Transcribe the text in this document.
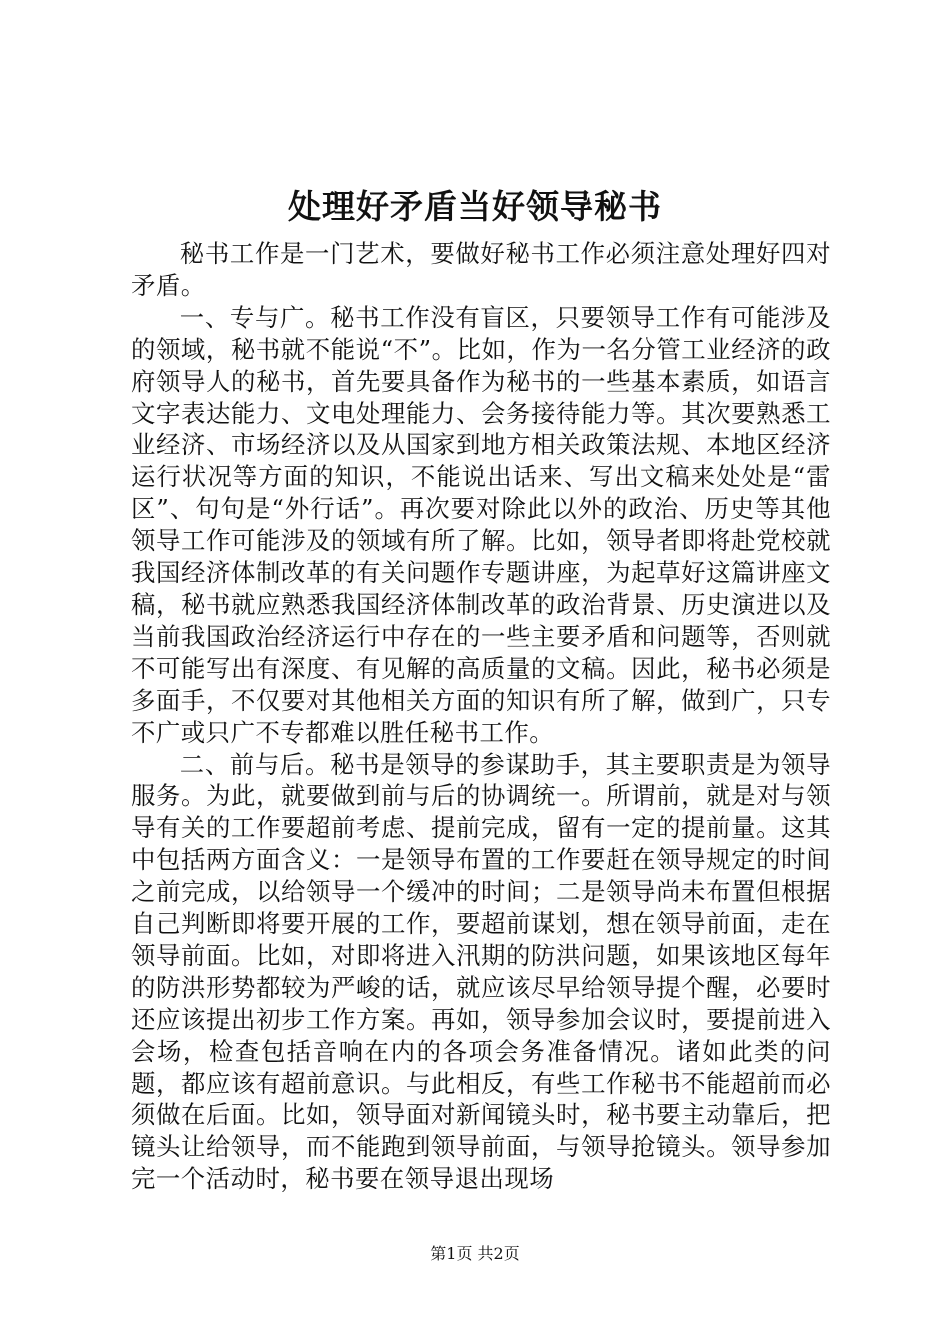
处理好矛盾当好领导秘书

秘书工作是一门艺术，要做好秘书工作必须注意处理好四对矛盾。

一、专与广。秘书工作没有盲区，只要领导工作有可能涉及的领域，秘书就不能说“不”。比如，作为一名分管工业经济的政府领导人的秘书，首先要具备作为秘书的一些基本素质，如语言文字表达能力、文电处理能力、会务接待能力等。其次要熟悉工业经济、市场经济以及从国家到地方相关政策法规、本地区经济运行状况等方面的知识，不能说出话来、写出文稿来处处是“雷区”、句句是“外行话”。再次要对除此以外的政治、历史等其他领导工作可能涉及的领域有所了解。比如，领导者即将赴党校就我国经济体制改革的有关问题作专题讲座，为起草好这篇讲座文稿，秘书就应熟悉我国经济体制改革的政治背景、历史演进以及当前我国政治经济运行中存在的一些主要矛盾和问题等，否则就不可能写出有深度、有见解的高质量的文稿。因此，秘书必须是多面手，不仅要对其他相关方面的知识有所了解，做到广，只专不广或只广不专都难以胜任秘书工作。

二、前与后。秘书是领导的参谋助手，其主要职责是为领导服务。为此，就要做到前与后的协调统一。所谓前，就是对与领导有关的工作要超前考虑、提前完成，留有一定的提前量。这其中包括两方面含义：一是领导布置的工作要赶在领导规定的时间之前完成，以给领导一个缓冲的时间；二是领导尚未布置但根据自己判断即将要开展的工作，要超前谋划，想在领导前面，走在领导前面。比如，对即将进入汛期的防洪问题，如果该地区每年的防洪形势都较为严峻的话，就应该尽早给领导提个醒，必要时还应该提出初步工作方案。再如，领导参加会议时，要提前进入会场，检查包括音响在内的各项会务准备情况。诸如此类的问题，都应该有超前意识。与此相反，有些工作秘书不能超前而必须做在后面。比如，领导面对新闻镜头时，秘书要主动靠后，把镜头让给领导，而不能跑到领导前面，与领导抢镜头。领导参加完一个活动时，秘书要在领导退出现场

第1页 共2页
